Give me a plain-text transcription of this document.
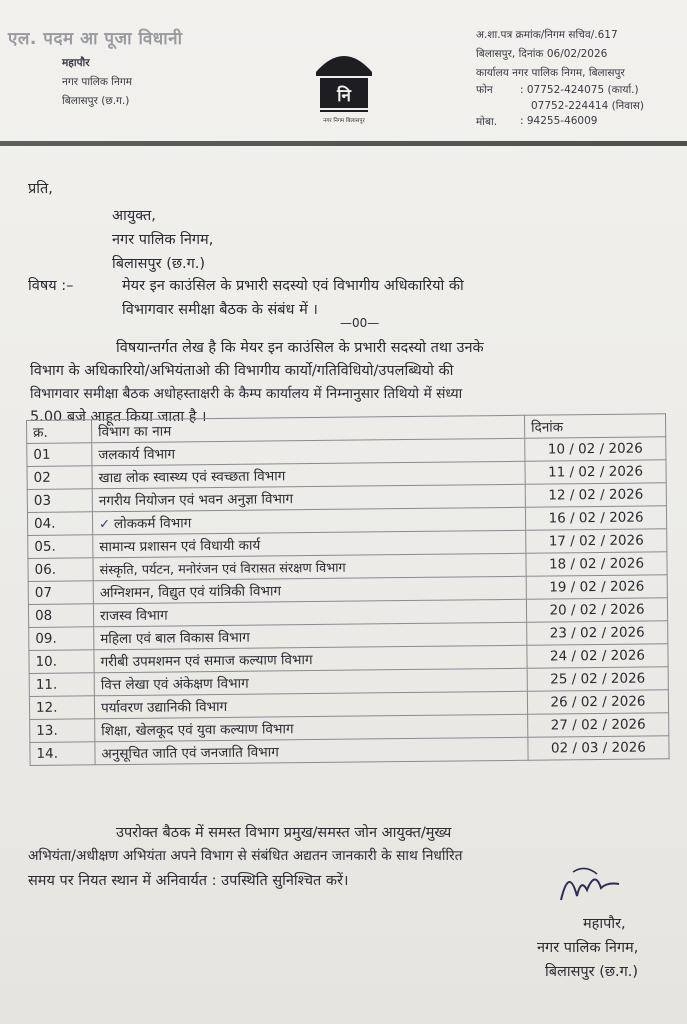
एल. पदम आ पूजा विधानी
महापौर
नगर पालिक निगम
बिलासपुर (छ.ग.)	नि
नगर निगम बिलासपुर
अ.शा.पत्र क्रमांक/निगम सचिव/.617
बिलासपुर, दिनांक 06/02/2026
कार्यालय नगर पालिक निगम, बिलासपुर
फोन	: 07752-424075 (कार्या.)
07752-224414 (निवास)
मोबा. : 94255-46009
प्रति,
आयुक्त,
नगर पालिक निगम,
बिलासपुर (छ.ग.)
विषय :–	मेयर इन काउंसिल के प्रभारी सदस्यो एवं विभागीय अधिकारियो की
विभागवार समीक्षा बैठक के संबंध में ।
—00—
विषयान्तर्गत लेख है कि मेयर इन काउंसिल के प्रभारी सदस्यो तथा उनके
विभाग के अधिकारियो/अभियंताओ की विभागीय कार्यो/गतिविधियो/उपलब्धियो की
विभागवार समीक्षा बैठक अधोहस्ताक्षरी के कैम्प कार्यालय में निम्नानुसार तिथियो में संध्या
5.00 बजे आहूत किया जाता है ।
क्र.	विभाग का नाम	दिनांक
01	जलकार्य विभाग	10 / 02 / 2026
02	खाद्य लोक स्वास्थ्य एवं स्वच्छता विभाग	11 / 02 / 2026
03	नगरीय नियोजन एवं भवन अनुज्ञा विभाग	12 / 02 / 2026
04.	✓ लोककर्म विभाग	16 / 02 / 2026
05.	सामान्य प्रशासन एवं विधायी कार्य	17 / 02 / 2026
06.	संस्कृति, पर्यटन, मनोरंजन एवं विरासत संरक्षण विभाग	18 / 02 / 2026
07	अग्निशमन, विद्युत एवं यांत्रिकी विभाग	19 / 02 / 2026
08	राजस्व विभाग	20 / 02 / 2026
09.	महिला एवं बाल विकास विभाग	23 / 02 / 2026
10.	गरीबी उपमशमन एवं समाज कल्याण विभाग	24 / 02 / 2026
11.	वित्त लेखा एवं अंकेक्षण विभाग	25 / 02 / 2026
12.	पर्यावरण उद्यानिकी विभाग	26 / 02 / 2026
13.	शिक्षा, खेलकूद एवं युवा कल्याण विभाग	27 / 02 / 2026
14.	अनुसूचित जाति एवं जनजाति विभाग	02 / 03 / 2026
उपरोक्त बैठक में समस्त विभाग प्रमुख/समस्त जोन आयुक्त/मुख्य
अभियंता/अधीक्षण अभियंता अपने विभाग से संबंधित अद्यतन जानकारी के साथ निर्धारित
समय पर नियत स्थान में अनिवार्यत : उपस्थिति सुनिश्चित करें।
महापौर,
नगर पालिक निगम,
बिलासपुर (छ.ग.)
